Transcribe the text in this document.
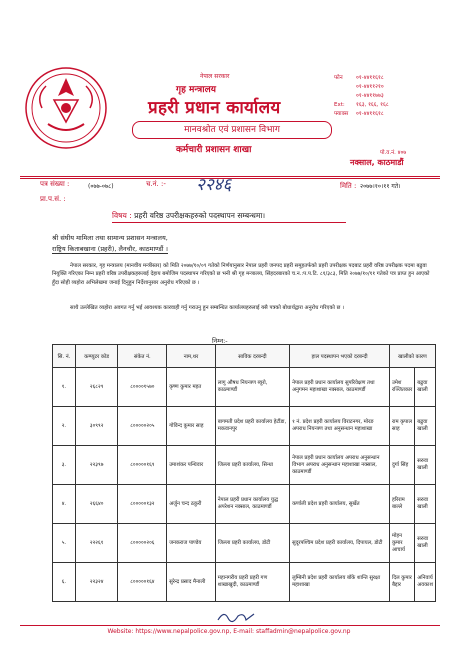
नेपाल सरकार
गृह मन्त्रालय
प्रहरी प्रधान कार्यालय
मानवश्रोत एवं प्रशासन विभाग
कर्मचारी प्रशासन शाखा
फोन	०१-४४११६१८
०१-४४११२१०
०१-४४११७७३
Ext:	१६३, १६६, १६८
फ्याक्स	०१-४४११६१८
पो.व.नं. ४०७
नक्साल, काठमाडौं
पत्र संख्या :	(०७७-०७८)	च.नं. :- २२४६	मिति : २०७७।१०।११ गते।
प्रा.प.सं. :
विषय : प्रहरी वरिष्ठ उपरीक्षकहरुको पदस्थापन सम्बन्धमा।
श्री संघीय मामिला तथा सामान्य प्रशासन मन्त्रालय,
राष्ट्रिय किताबखाना (प्रहरी), लैनचौर, काठमाण्डौं ।
नेपाल सरकार, गृह मन्त्रालय (मानवीय मन्त्रीस्तर) को मिति २०७७/१०/०९ गतेको निर्णयानुसार नेपाल प्रहरी जनपद प्रहरी समूहतर्फको प्रहरी उपरीक्षक पदबाट प्रहरी वरिष्ठ उपरीक्षक पदमा बढुवा नियुक्ति गरिएका निम्न प्रहरी वरिष्ठ उपरीक्षकहरुलाई देहाय बमोजिम पदस्थापन गरिएको छ भनी श्री गृह मन्त्रालय, सिंहदरबारको च.न.:प.प.टि. ८१/३८३, मिति २०७७/१०/११ गतेको पत्र प्राप्त हुन आएको हुँदा सोही व्यहोरा अभिलेखमा जनाई दिनुहुन निर्देशानुसार अनुरोध गरिएको छ ।
साथै उल्लेखित व्यहोरा अवगत गर्नु भई आवश्यक कारवाही गर्नु गराउनु हुन सम्बन्धित कार्यालयहरुलाई यसै पत्रको बोधार्थद्वारा अनुरोध गरिएको छ ।
निम्न:-
सि. नं.	कम्प्युटर कोड	संकेत नं.	नाम,थर	साविक दरबन्दी	हाल पदस्थापन भएको दरबन्दी	खालीको कारण	
१.	२६८२९	८००००१५७०	कृष्ण कुमार महत	लागु औषध नियन्त्रण ब्यूरो, काठमाण्डौं	नेपाल प्रहरी प्रधान कार्यालय सुपरिवेक्षण तथा अनुगमन महाशाखा नक्साल, काठमाण्डौं	उमेश रञ्जितकार	बढुवा खाली
२.	३०९९२	८०००००२०५	गोविन्द कुमार साह	बागमती प्रदेश प्रहरी कार्यालय हेटौंडा, मकवानपुर	१ नं. प्रदेश प्रहरी कार्यालय विराटनगर, मोरङ अपराध नियन्त्रण तथा अनुसन्धान महाशाखा	राम कृपाल साह	बढुवा खाली
३.	२२३९७	८०००००१६९	उमाशंकर पन्थिवार	जिल्ला प्रहरी कार्यालय, सिन्धा	नेपाल प्रहरी प्रधान कार्यालय अपराध अनुसन्धान विभाग अपराध अनुसन्धान महाशाखा नक्साल, काठमाण्डौं	दुर्गा सिंह	सरुवा खाली
४.	२६६४०	८०००००१३२	अर्जुन चन्द ठकुरी	नेपाल प्रहरी प्रधान कार्यालय युद्ध अपरेशन नक्साल, काठमाण्डौं	कर्णाली प्रदेश प्रहरी कार्यालय, सुर्खेत	हरिराम बाल्ले	सरुवा खाली
५.	२२२६१	८०००००२०६	जनकराज पाण्डेय	जिल्ला प्रहरी कार्यालय, डोटी	सुदूरपश्चिम प्रदेश प्रहरी कार्यालय, दिपायल, डोटी	मोहन कुमार आचार्य	सरुवा खाली
६.	२२३२४	८०००००१६४	सुरेन्द्र प्रसाद मैनाली	महानगरीय प्रहरी प्रहरी गण शाखाखुदी, काठमाण्डौं	लुम्बिनी प्रदेश प्रहरी कार्यालय बाँके शान्ति सुरक्षा महाशाखा	दिल कुमार बैद्दार	अनिवार्य अवकाश
Website: https://www.nepalpolice.gov.np, E-mail: staffadmin@nepalpolice.gov.np
